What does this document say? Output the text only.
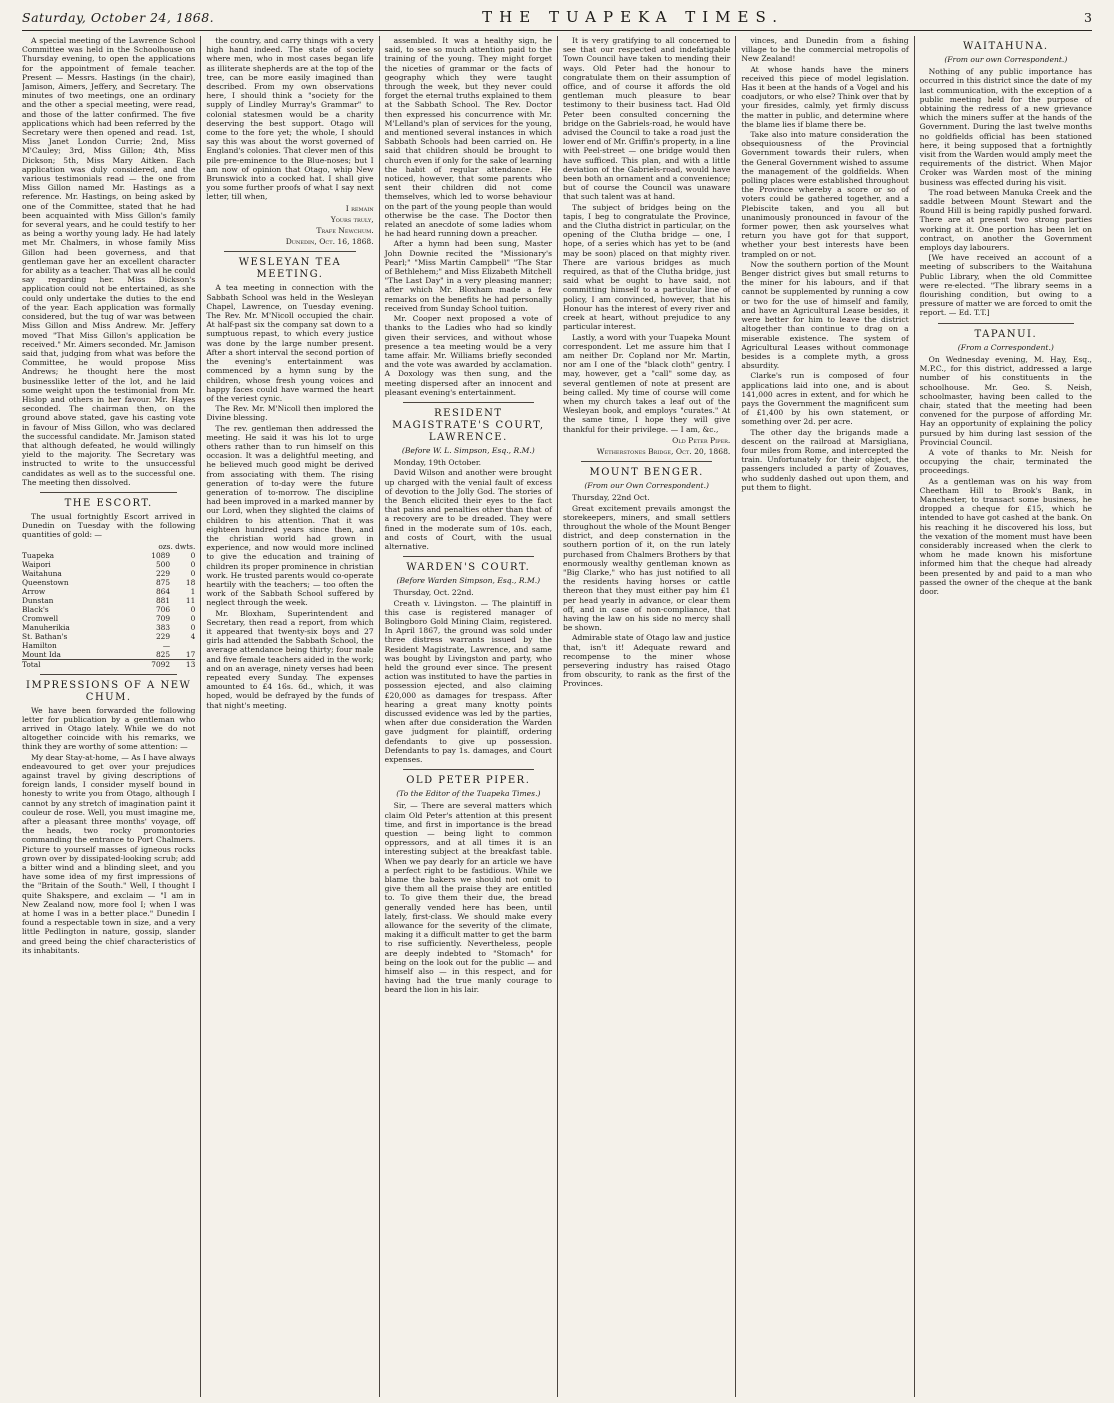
Saturday, October 24, 1868.	THE TUAPEKA TIMES.	3

A special meeting of the Lawrence School Committee was held in the Schoolhouse on Thursday evening, to open the applications for the appointment of female teacher. Present — Messrs. Hastings (in the chair), Jamison, Aimers, Jeffery, and Secretary. The minutes of two meetings, one an ordinary and the other a special meeting, were read, and those of the latter confirmed. The five applications which had been referred by the Secretary were then opened and read. 1st, Miss Janet London Currie; 2nd, Miss M'Cauley; 3rd, Miss Gillon; 4th, Miss Dickson; 5th, Miss Mary Aitken. Each application was duly considered, and the various testimonials read — the one from Miss Gillon named Mr. Hastings as a reference. Mr. Hastings, on being asked by one of the Committee, stated that he had been acquainted with Miss Gillon's family for several years, and he could testify to her as being a worthy young lady. He had lately met Mr. Chalmers, in whose family Miss Gillon had been governess, and that gentleman gave her an excellent character for ability as a teacher. That was all he could say regarding her. Miss Dickson's application could not be entertained, as she could only undertake the duties to the end of the year. Each application was formally considered, but the tug of war was between Miss Gillon and Miss Andrew. Mr. Jeffery moved "That Miss Gillon's application be received." Mr. Aimers seconded. Mr. Jamison said that, judging from what was before the Committee, he would propose Miss Andrews; he thought here the most businesslike letter of the lot, and he laid some weight upon the testimonial from Mr. Hislop and others in her favour. Mr. Hayes seconded. The chairman then, on the ground above stated, gave his casting vote in favour of Miss Gillon, who was declared the successful candidate. Mr. Jamison stated that although defeated, he would willingly yield to the majority. The Secretary was instructed to write to the unsuccessful candidates as well as to the successful one. The meeting then dissolved.

THE ESCORT.

The usual fortnightly Escort arrived in Dunedin on Tuesday with the following quantities of gold: —

	ozs. dwts.	
Tuapeka	1089	0
Waipori	500	0
Waitahuna	229	0
Queenstown	875	18
Arrow	864	1
Dunstan	881	11
Black's	706	0
Cromwell	709	0
Manuherikia	383	0
St. Bathan's	229	4
Hamilton	—	
Mount Ida	825	17
Total	7092	13
IMPRESSIONS OF A NEW CHUM.

We have been forwarded the following letter for publication by a gentleman who arrived in Otago lately. While we do not altogether coincide with his remarks, we think they are worthy of some attention: —

My dear Stay-at-home, — As I have always endeavoured to get over your prejudices against travel by giving descriptions of foreign lands, I consider myself bound in honesty to write you from Otago, although I cannot by any stretch of imagination paint it couleur de rose. Well, you must imagine me, after a pleasant three months' voyage, off the heads, two rocky promontories commanding the entrance to Port Chalmers. Picture to yourself masses of igneous rocks grown over by dissipated-looking scrub; add a bitter wind and a blinding sleet, and you have some idea of my first impressions of the "Britain of the South." Well, I thought I quite Shakspere, and exclaim — "I am in New Zealand now, more fool I; when I was at home I was in a better place." Dunedin I found a respectable town in size, and a very little Pedlington in nature, gossip, slander and greed being the chief characteristics of its inhabitants.

the country, and carry things with a very high hand indeed. The state of society where men, who in most cases began life as illiterate shepherds are at the top of the tree, can be more easily imagined than described. From my own observations here, I should think a "society for the supply of Lindley Murray's Grammar" to colonial statesmen would be a charity deserving the best support. Otago will come to the fore yet; the whole, I should say this was about the worst governed of England's colonies. That clever men of this pile pre-eminence to the Blue-noses; but I am now of opinion that Otago, whip New Brunswick into a cocked hat. I shall give you some further proofs of what I say next letter, till when,

I remain
Yours truly,
Trafe Newchum.
Dunedin, Oct. 16, 1868.
WESLEYAN TEA MEETING.

A tea meeting in connection with the Sabbath School was held in the Wesleyan Chapel, Lawrence, on Tuesday evening. The Rev. Mr. M'Nicoll occupied the chair. At half-past six the company sat down to a sumptuous repast, to which every justice was done by the large number present. After a short interval the second portion of the evening's entertainment was commenced by a hymn sung by the children, whose fresh young voices and happy faces could have warmed the heart of the veriest cynic.

The Rev. Mr. M'Nicoll then implored the Divine blessing.

The rev. gentleman then addressed the meeting. He said it was his lot to urge others rather than to run himself on this occasion. It was a delightful meeting, and he believed much good might be derived from associating with them. The rising generation of to-day were the future generation of to-morrow. The discipline had been improved in a marked manner by our Lord, when they slighted the claims of children to his attention. That it was eighteen hundred years since then, and the christian world had grown in experience, and now would more inclined to give the education and training of children its proper prominence in christian work. He trusted parents would co-operate heartily with the teachers; — too often the work of the Sabbath School suffered by neglect through the week.

Mr. Bloxham, Superintendent and Secretary, then read a report, from which it appeared that twenty-six boys and 27 girls had attended the Sabbath School, the average attendance being thirty; four male and five female teachers aided in the work; and on an average, ninety verses had been repeated every Sunday. The expenses amounted to £4 16s. 6d., which, it was hoped, would be defrayed by the funds of that night's meeting.

assembled. It was a healthy sign, he said, to see so much attention paid to the training of the young. They might forget the niceties of grammar or the facts of geography which they were taught through the week, but they never could forget the eternal truths explained to them at the Sabbath School. The Rev. Doctor then expressed his concurrence with Mr. M'Lelland's plan of services for the young, and mentioned several instances in which Sabbath Schools had been carried on. He said that children should be brought to church even if only for the sake of learning the habit of regular attendance. He noticed, however, that some parents who sent their children did not come themselves, which led to worse behaviour on the part of the young people than would otherwise be the case. The Doctor then related an anecdote of some ladies whom he had heard running down a preacher.

After a hymn had been sung, Master John Downie recited the "Missionary's Pearl;" "Miss Martin Campbell" "The Star of Bethlehem;" and Miss Elizabeth Mitchell "The Last Day" in a very pleasing manner; after which Mr. Bloxham made a few remarks on the benefits he had personally received from Sunday School tuition.

Mr. Cooper next proposed a vote of thanks to the Ladies who had so kindly given their services, and without whose presence a tea meeting would be a very tame affair. Mr. Williams briefly seconded and the vote was awarded by acclamation. A Doxology was then sung, and the meeting dispersed after an innocent and pleasant evening's entertainment.

RESIDENT MAGISTRATE'S COURT, LAWRENCE.
(Before W. L. Simpson, Esq., R.M.)

Monday, 19th October.

David Wilson and another were brought up charged with the venial fault of excess of devotion to the Jolly God. The stories of the Bench elicited their eyes to the fact that pains and penalties other than that of a recovery are to be dreaded. They were fined in the moderate sum of 10s. each, and costs of Court, with the usual alternative.

WARDEN'S COURT.
(Before Warden Simpson, Esq., R.M.)

Thursday, Oct. 22nd.

Creath v. Livingston. — The plaintiff in this case is registered manager of Bolingboro Gold Mining Claim, registered. In April 1867, the ground was sold under three distress warrants issued by the Resident Magistrate, Lawrence, and same was bought by Livingston and party, who held the ground ever since. The present action was instituted to have the parties in possession ejected, and also claiming £20,000 as damages for trespass. After hearing a great many knotty points discussed evidence was led by the parties, when after due consideration the Warden gave judgment for plaintiff, ordering defendants to give up possession. Defendants to pay 1s. damages, and Court expenses.

OLD PETER PIPER.
(To the Editor of the Tuapeka Times.)

Sir, — There are several matters which claim Old Peter's attention at this present time, and first in importance is the bread question — being light to common oppressors, and at all times it is an interesting subject at the breakfast table. When we pay dearly for an article we have a perfect right to be fastidious. While we blame the bakers we should not omit to give them all the praise they are entitled to. To give them their due, the bread generally vended here has been, until lately, first-class. We should make every allowance for the severity of the climate, making it a difficult matter to get the barm to rise sufficiently. Nevertheless, people are deeply indebted to "Stomach" for being on the look out for the public — and himself also — in this respect, and for having had the true manly courage to beard the lion in his lair.

It is very gratifying to all concerned to see that our respected and indefatigable Town Council have taken to mending their ways. Old Peter had the honour to congratulate them on their assumption of office, and of course it affords the old gentleman much pleasure to bear testimony to their business tact. Had Old Peter been consulted concerning the bridge on the Gabriels-road, he would have advised the Council to take a road just the lower end of Mr. Griffin's property, in a line with Peel-street — one bridge would then have sufficed. This plan, and with a little deviation of the Gabriels-road, would have been both an ornament and a convenience; but of course the Council was unaware that such talent was at hand.

The subject of bridges being on the tapis, I beg to congratulate the Province, and the Clutha district in particular, on the opening of the Clutha bridge — one, I hope, of a series which has yet to be (and may be soon) placed on that mighty river. There are various bridges as much required, as that of the Clutha bridge, just said what be ought to have said, not committing himself to a particular line of policy, I am convinced, however, that his Honour has the interest of every river and creek at heart, without prejudice to any particular interest.

Lastly, a word with your Tuapeka Mount correspondent. Let me assure him that I am neither Dr. Copland nor Mr. Martin, nor am I one of the "black cloth" gentry. I may, however, get a "call" some day, as several gentlemen of note at present are being called. My time of course will come when my church takes a leaf out of the Wesleyan book, and employs "curates." At the same time, I hope they will give thankful for their privilege. — I am, &c.,

Old Peter Piper.
Wetherstones Bridge, Oct. 20, 1868.
MOUNT BENGER.
(From our Own Correspondent.)

Thursday, 22nd Oct.

Great excitement prevails amongst the storekeepers, miners, and small settlers throughout the whole of the Mount Benger district, and deep consternation in the southern portion of it, on the run lately purchased from Chalmers Brothers by that enormously wealthy gentleman known as "Big Clarke," who has just notified to all the residents having horses or cattle thereon that they must either pay him £1 per head yearly in advance, or clear them off, and in case of non-compliance, that having the law on his side no mercy shall be shown.

Admirable state of Otago law and justice that, isn't it! Adequate reward and recompense to the miner whose persevering industry has raised Otago from obscurity, to rank as the first of the Provinces.

vinces, and Dunedin from a fishing village to be the commercial metropolis of New Zealand!

At whose hands have the miners received this piece of model legislation. Has it been at the hands of a Vogel and his coadjutors, or who else? Think over that by your firesides, calmly, yet firmly discuss the matter in public, and determine where the blame lies if blame there be.

Take also into mature consideration the obsequiousness of the Provincial Government towards their rulers, when the General Government wished to assume the management of the goldfields. When polling places were established throughout the Province whereby a score or so of voters could be gathered together, and a Plebiscite taken, and you all but unanimously pronounced in favour of the former power, then ask yourselves what return you have got for that support, whether your best interests have been trampled on or not.

Now the southern portion of the Mount Benger district gives but small returns to the miner for his labours, and if that cannot be supplemented by running a cow or two for the use of himself and family, and have an Agricultural Lease besides, it were better for him to leave the district altogether than continue to drag on a miserable existence. The system of Agricultural Leases without commonage besides is a complete myth, a gross absurdity.

Clarke's run is composed of four applications laid into one, and is about 141,000 acres in extent, and for which he pays the Government the magnificent sum of £1,400 by his own statement, or something over 2d. per acre.

The other day the brigands made a descent on the railroad at Marsigliana, four miles from Rome, and intercepted the train. Unfortunately for their object, the passengers included a party of Zouaves, who suddenly dashed out upon them, and put them to flight.

WAITAHUNA.
(From our own Correspondent.)

Nothing of any public importance has occurred in this district since the date of my last communication, with the exception of a public meeting held for the purpose of obtaining the redress of a new grievance which the miners suffer at the hands of the Government. During the last twelve months no goldfields official has been stationed here, it being supposed that a fortnightly visit from the Warden would amply meet the requirements of the district. When Major Croker was Warden most of the mining business was effected during his visit.

The road between Manuka Creek and the saddle between Mount Stewart and the Round Hill is being rapidly pushed forward. There are at present two strong parties working at it. One portion has been let on contract, on another the Government employs day labourers.

[We have received an account of a meeting of subscribers to the Waitahuna Public Library, when the old Committee were re-elected. "The library seems in a flourishing condition, but owing to a pressure of matter we are forced to omit the report. — Ed. T.T.]

TAPANUI.
(From a Correspondent.)

On Wednesday evening, M. Hay, Esq., M.P.C., for this district, addressed a large number of his constituents in the schoolhouse. Mr. Geo. S. Neish, schoolmaster, having been called to the chair, stated that the meeting had been convened for the purpose of affording Mr. Hay an opportunity of explaining the policy pursued by him during last session of the Provincial Council.

A vote of thanks to Mr. Neish for occupying the chair, terminated the proceedings.

As a gentleman was on his way from Cheetham Hill to Brook's Bank, in Manchester, to transact some business, he dropped a cheque for £15, which he intended to have got cashed at the bank. On his reaching it he discovered his loss, but the vexation of the moment must have been considerably increased when the clerk to whom he made known his misfortune informed him that the cheque had already been presented by and paid to a man who passed the owner of the cheque at the bank door.
